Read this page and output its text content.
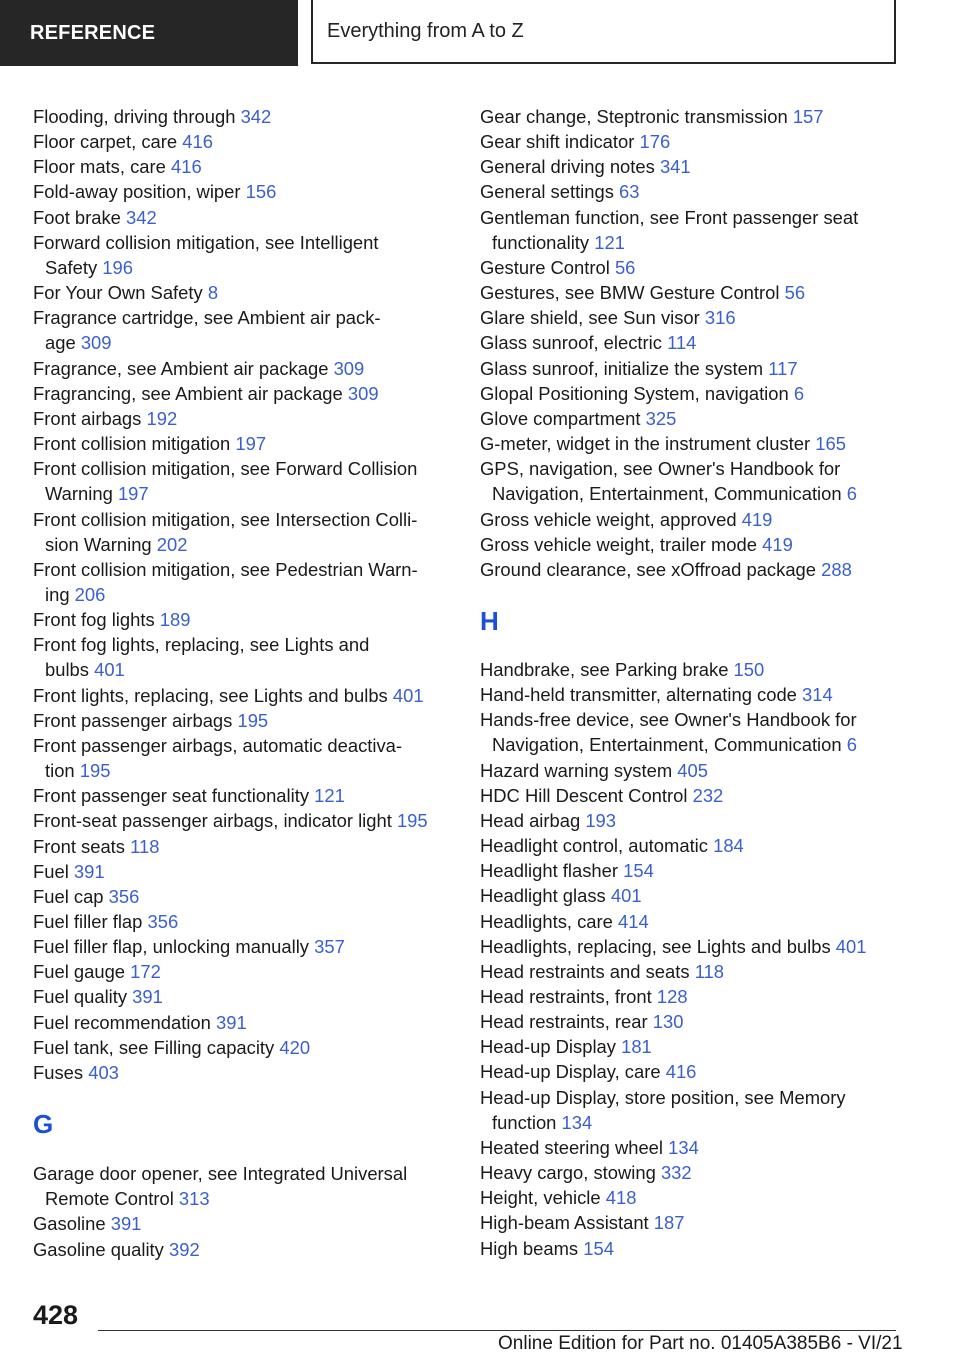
REFERENCE	Everything from A to Z
Flooding, driving through 342
Floor carpet, care 416
Floor mats, care 416
Fold-away position, wiper 156
Foot brake 342
Forward collision mitigation, see Intelligent
Safety 196
For Your Own Safety 8
Fragrance cartridge, see Ambient air pack-
age 309
Fragrance, see Ambient air package 309
Fragrancing, see Ambient air package 309
Front airbags 192
Front collision mitigation 197
Front collision mitigation, see Forward Collision
Warning 197
Front collision mitigation, see Intersection Colli-
sion Warning 202
Front collision mitigation, see Pedestrian Warn-
ing 206
Front fog lights 189
Front fog lights, replacing, see Lights and
bulbs 401
Front lights, replacing, see Lights and bulbs 401
Front passenger airbags 195
Front passenger airbags, automatic deactiva-
tion 195
Front passenger seat functionality 121
Front-seat passenger airbags, indicator light 195
Front seats 118
Fuel 391
Fuel cap 356
Fuel filler flap 356
Fuel filler flap, unlocking manually 357
Fuel gauge 172
Fuel quality 391
Fuel recommendation 391
Fuel tank, see Filling capacity 420
Fuses 403
G
Garage door opener, see Integrated Universal
Remote Control 313
Gasoline 391
Gasoline quality 392
Gear change, Steptronic transmission 157
Gear shift indicator 176
General driving notes 341
General settings 63
Gentleman function, see Front passenger seat
functionality 121
Gesture Control 56
Gestures, see BMW Gesture Control 56
Glare shield, see Sun visor 316
Glass sunroof, electric 114
Glass sunroof, initialize the system 117
Glopal Positioning System, navigation 6
Glove compartment 325
G-meter, widget in the instrument cluster 165
GPS, navigation, see Owner's Handbook for
Navigation, Entertainment, Communication 6
Gross vehicle weight, approved 419
Gross vehicle weight, trailer mode 419
Ground clearance, see xOffroad package 288
H
Handbrake, see Parking brake 150
Hand-held transmitter, alternating code 314
Hands-free device, see Owner's Handbook for
Navigation, Entertainment, Communication 6
Hazard warning system 405
HDC Hill Descent Control 232
Head airbag 193
Headlight control, automatic 184
Headlight flasher 154
Headlight glass 401
Headlights, care 414
Headlights, replacing, see Lights and bulbs 401
Head restraints and seats 118
Head restraints, front 128
Head restraints, rear 130
Head-up Display 181
Head-up Display, care 416
Head-up Display, store position, see Memory
function 134
Heated steering wheel 134
Heavy cargo, stowing 332
Height, vehicle 418
High-beam Assistant 187
High beams 154
428
Online Edition for Part no. 01405A385B6 - VI/21
